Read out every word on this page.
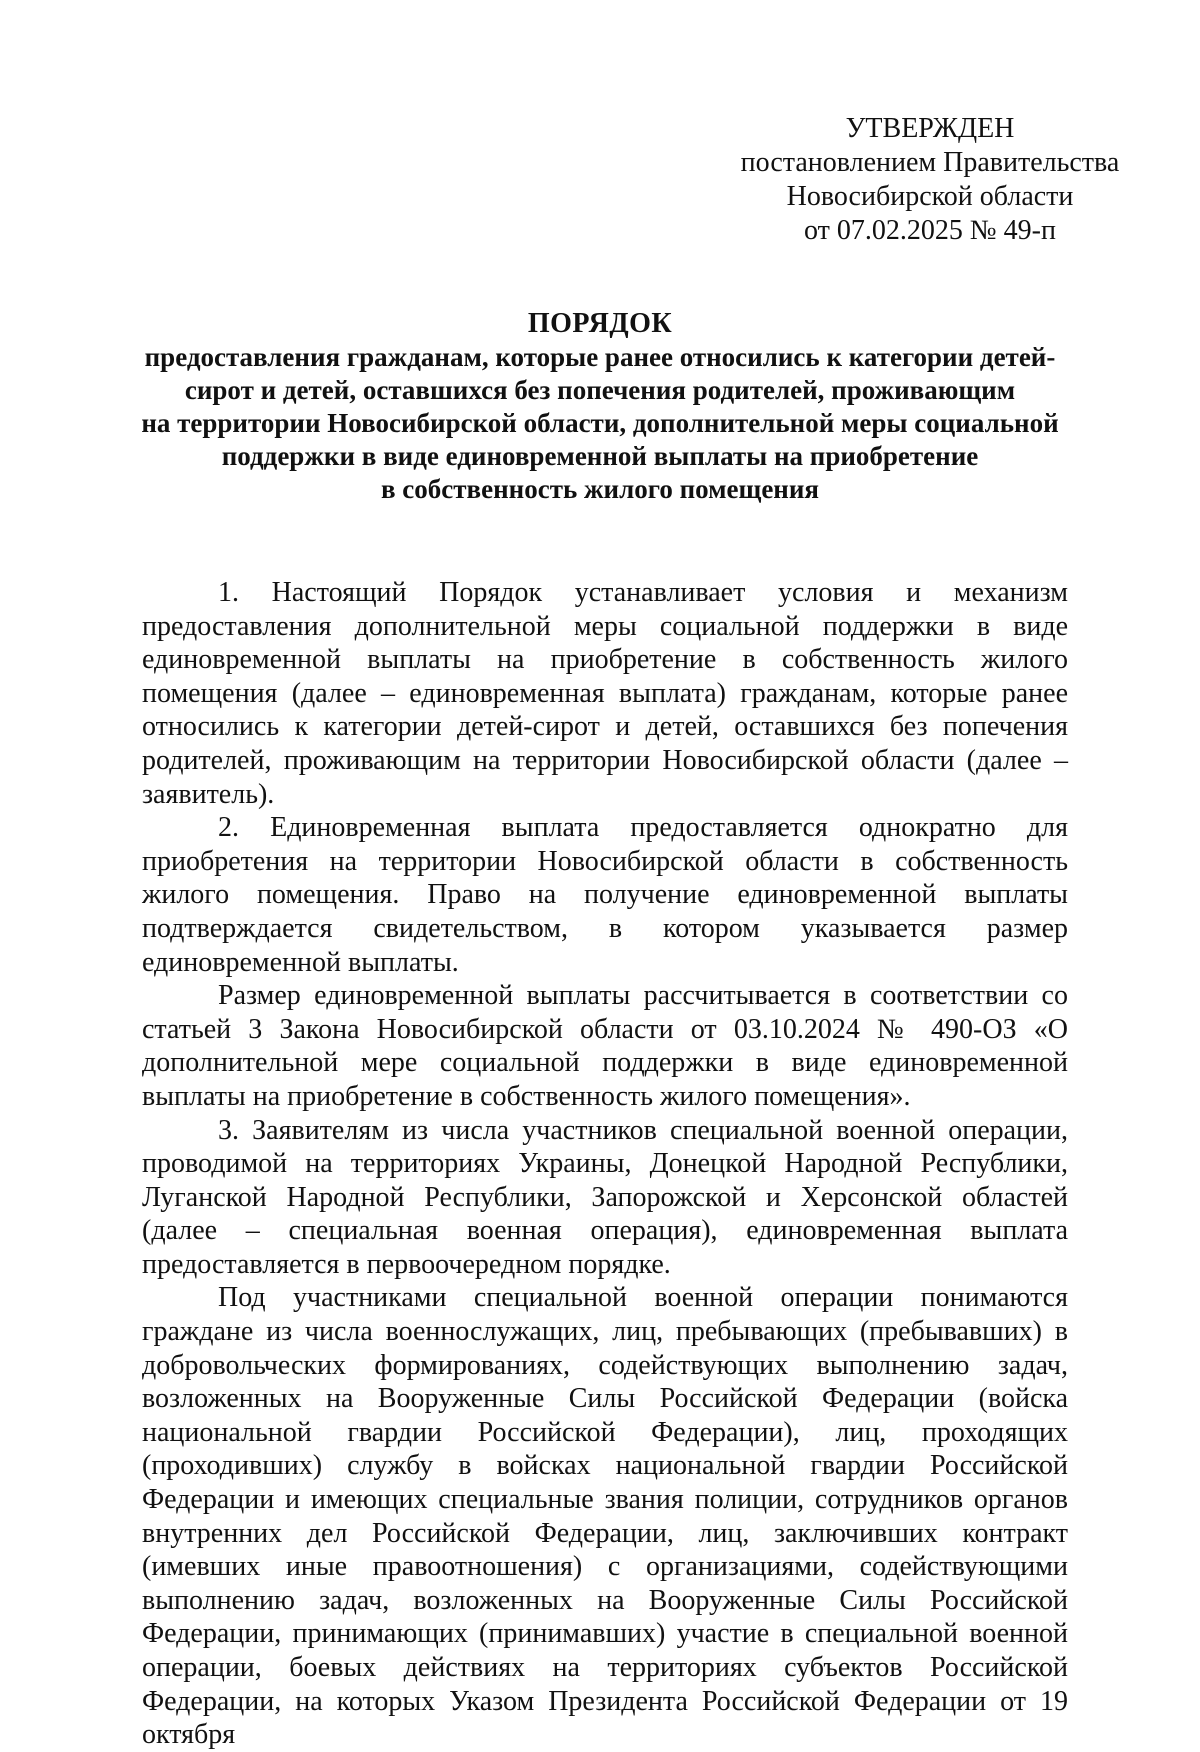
УТВЕРЖДЕН
постановлением Правительства
Новосибирской области
от 07.02.2025 № 49-п
ПОРЯДОК
предоставления гражданам, которые ранее относились к категории детей-
сирот и детей, оставшихся без попечения родителей, проживающим
на территории Новосибирской области, дополнительной меры социальной
поддержки в виде единовременной выплаты на приобретение
в собственность жилого помещения

1. Настоящий Порядок устанавливает условия и механизм предоставления дополнительной меры социальной поддержки в виде единовременной выплаты на приобретение в собственность жилого помещения (далее – единовременная выплата) гражданам, которые ранее относились к категории детей-сирот и детей, оставшихся без попечения родителей, проживающим на территории Новосибирской области (далее – заявитель).

2. Единовременная выплата предоставляется однократно для приобретения на территории Новосибирской области в собственность жилого помещения. Право на получение единовременной выплаты подтверждается свидетельством, в котором указывается размер единовременной выплаты.

Размер единовременной выплаты рассчитывается в соответствии со статьей 3 Закона Новосибирской области от 03.10.2024 № 490-ОЗ «О дополнительной мере социальной поддержки в виде единовременной выплаты на приобретение в собственность жилого помещения».

3. Заявителям из числа участников специальной военной операции, проводимой на территориях Украины, Донецкой Народной Республики, Луганской Народной Республики, Запорожской и Херсонской областей (далее – специальная военная операция), единовременная выплата предоставляется в первоочередном порядке.

Под участниками специальной военной операции понимаются граждане из числа военнослужащих, лиц, пребывающих (пребывавших) в добровольческих формированиях, содействующих выполнению задач, возложенных на Вооруженные Силы Российской Федерации (войска национальной гвардии Российской Федерации), лиц, проходящих (проходивших) службу в войсках национальной гвардии Российской Федерации и имеющих специальные звания полиции, сотрудников органов внутренних дел Российской Федерации, лиц, заключивших контракт (имевших иные правоотношения) с организациями, содействующими выполнению задач, возложенных на Вооруженные Силы Российской Федерации, принимающих (принимавших) участие в специальной военной операции, боевых действиях на территориях субъектов Российской Федерации, на которых Указом Президента Российской Федерации от 19 октября
